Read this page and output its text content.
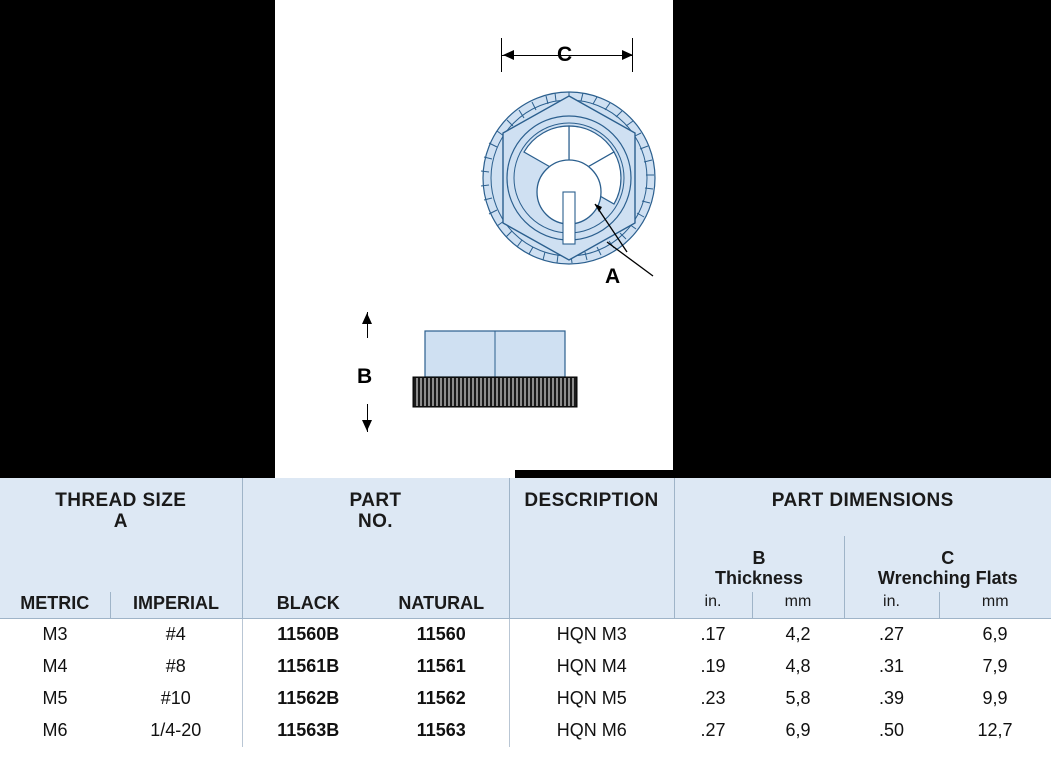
C
A
B
THREAD SIZE
A

PART
NO.
	DESCRIPTION	PART DIMENSIONS

B
Thickness

C
Wrenching Flats

METRIC	IMPERIAL	BLACK	NATURAL		in.	mm	in.	mm
M3	#4	11560B	11560	HQN M3	.17	4,2	.27	6,9
M4	#8	11561B	11561	HQN M4	.19	4,8	.31	7,9
M5	#10	11562B	11562	HQN M5	.23	5,8	.39	9,9
M6	1/4-20	11563B	11563	HQN M6	.27	6,9	.50	12,7
